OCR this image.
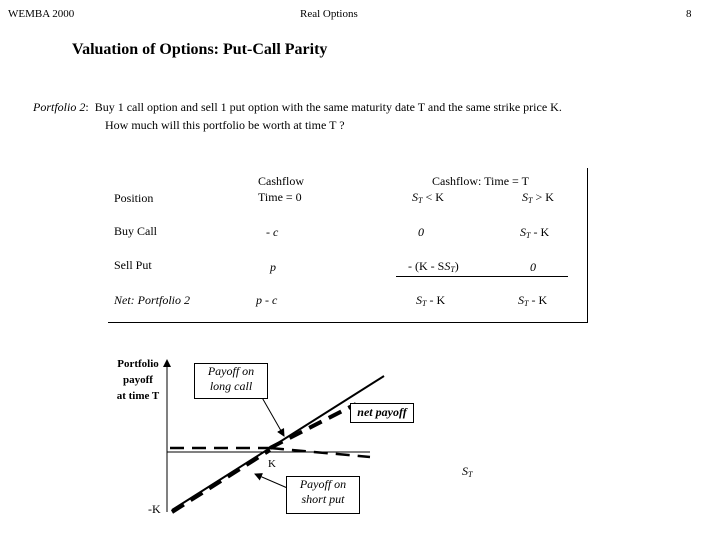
WEMBA 2000	Real Options	8
Valuation of Options: Put-Call Parity
Portfolio 2:  Buy 1 call option and sell 1 put option with the same maturity date T and the same strike price K.
How much will this portfolio be worth at time T ?
Position
Cashflow
Time = 0
Cashflow: Time = T
$S_T < K$	$S_T > K$
Buy Call	- c	0	$S_T$ - K
Sell Put	p	- $(K - SS_T)$	0
Net: Portfolio 2	p - c	$S_T$ - K	$S_T$ - K
Portfolio
payoff
at time T
Payoff on
long call
net payoff
Payoff on
short put
K
-K
$S_T$
